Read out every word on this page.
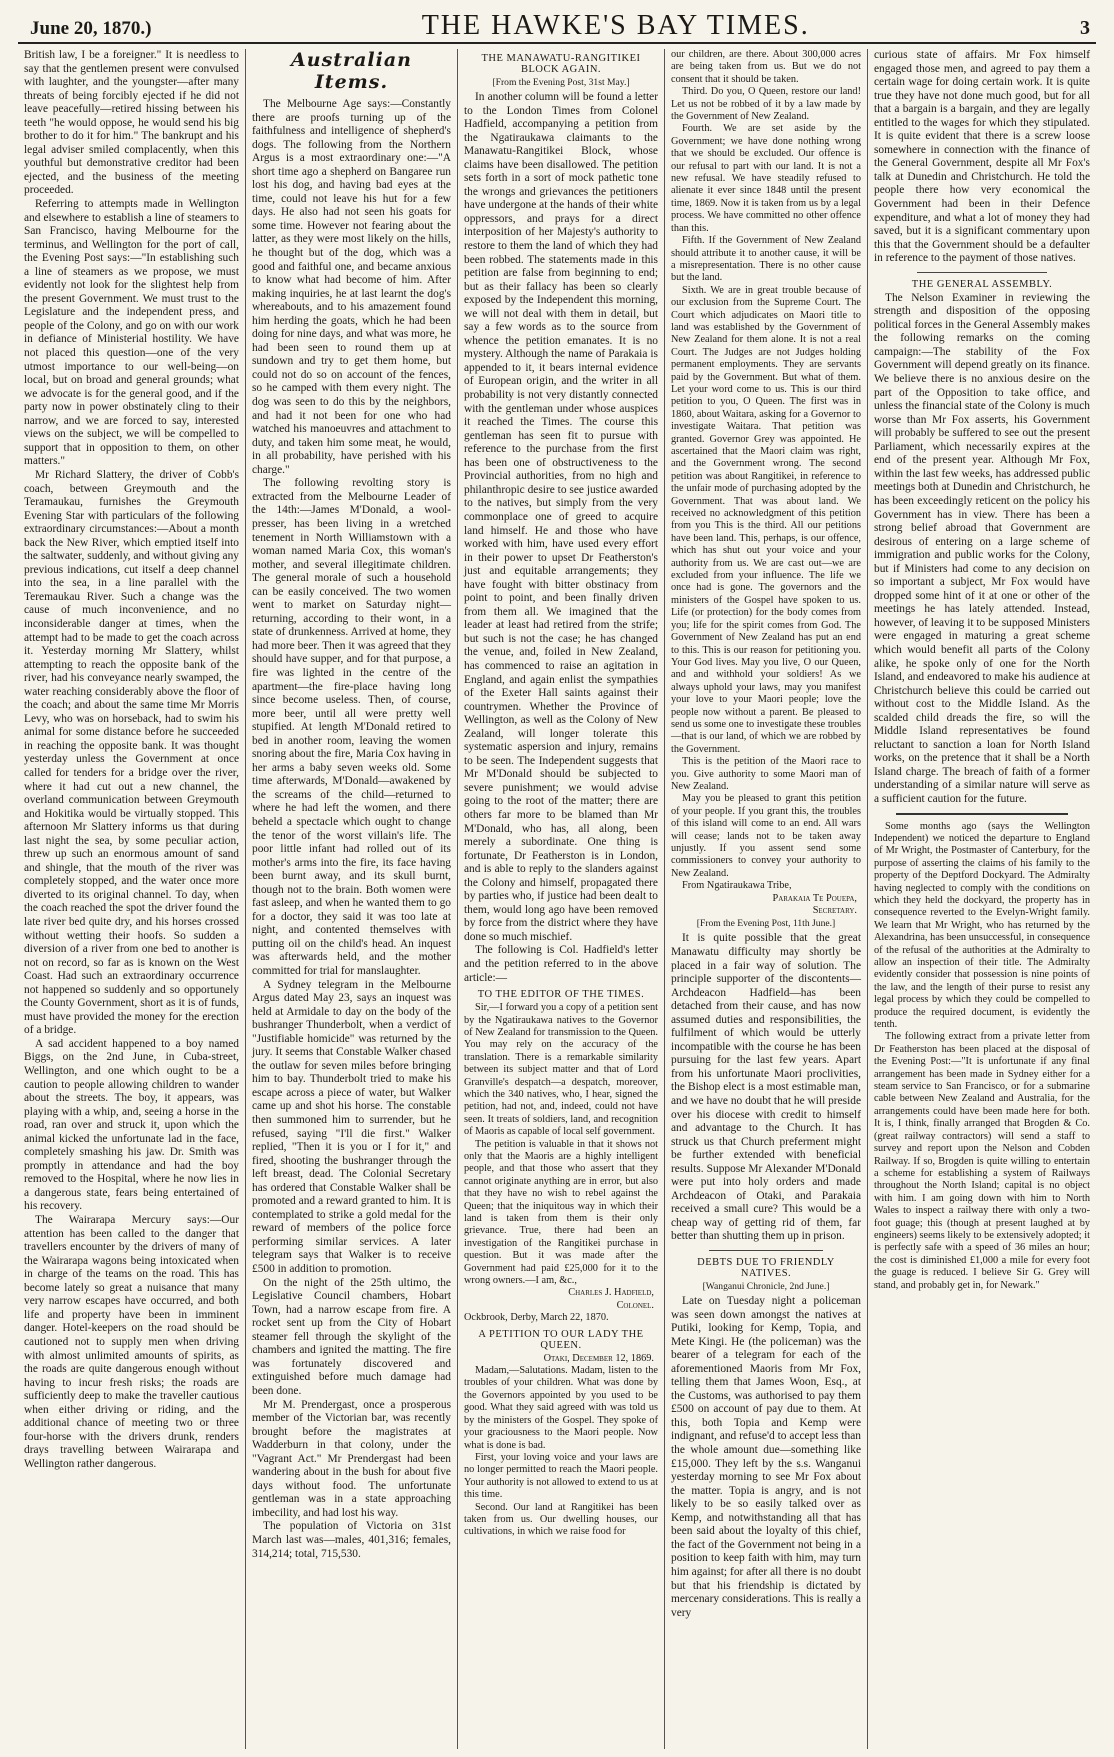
June 20, 1870.)	THE HAWKE'S BAY TIMES.	3

British law, I be a foreigner." It is needless to say that the gentlemen present were convulsed with laughter, and the youngster—after many threats of being forcibly ejected if he did not leave peacefully—retired hissing between his teeth "he would oppose, he would send his big brother to do it for him." The bankrupt and his legal adviser smiled complacently, when this youthful but demonstrative creditor had been ejected, and the business of the meeting proceeded.

Referring to attempts made in Wellington and elsewhere to establish a line of steamers to San Francisco, having Melbourne for the terminus, and Wellington for the port of call, the Evening Post says:—"In establishing such a line of steamers as we propose, we must evidently not look for the slightest help from the present Government. We must trust to the Legislature and the independent press, and people of the Colony, and go on with our work in defiance of Ministerial hostility. We have not placed this question—one of the very utmost importance to our well-being—on local, but on broad and general grounds; what we advocate is for the general good, and if the party now in power obstinately cling to their narrow, and we are forced to say, interested views on the subject, we will be compelled to support that in opposition to them, on other matters."

Mr Richard Slattery, the driver of Cobb's coach, between Greymouth and the Teramaukau, furnishes the Greymouth Evening Star with particulars of the following extraordinary circumstances:—About a month back the New River, which emptied itself into the saltwater, suddenly, and without giving any previous indications, cut itself a deep channel into the sea, in a line parallel with the Teremaukau River. Such a change was the cause of much inconvenience, and no inconsiderable danger at times, when the attempt had to be made to get the coach across it. Yesterday morning Mr Slattery, whilst attempting to reach the opposite bank of the river, had his conveyance nearly swamped, the water reaching considerably above the floor of the coach; and about the same time Mr Morris Levy, who was on horseback, had to swim his animal for some distance before he succeeded in reaching the opposite bank. It was thought yesterday unless the Government at once called for tenders for a bridge over the river, where it had cut out a new channel, the overland communication between Greymouth and Hokitika would be virtually stopped. This afternoon Mr Slattery informs us that during last night the sea, by some peculiar action, threw up such an enormous amount of sand and shingle, that the mouth of the river was completely stopped, and the water once more diverted to its original channel. To day, when the coach reached the spot the driver found the late river bed quite dry, and his horses crossed without wetting their hoofs. So sudden a diversion of a river from one bed to another is not on record, so far as is known on the West Coast. Had such an extraordinary occurrence not happened so suddenly and so opportunely the County Government, short as it is of funds, must have provided the money for the erection of a bridge.

A sad accident happened to a boy named Biggs, on the 2nd June, in Cuba-street, Wellington, and one which ought to be a caution to people allowing children to wander about the streets. The boy, it appears, was playing with a whip, and, seeing a horse in the road, ran over and struck it, upon which the animal kicked the unfortunate lad in the face, completely smashing his jaw. Dr. Smith was promptly in attendance and had the boy removed to the Hospital, where he now lies in a dangerous state, fears being entertained of his recovery.

The Wairarapa Mercury says:—Our attention has been called to the danger that travellers encounter by the drivers of many of the Wairarapa wagons being intoxicated when in charge of the teams on the road. This has become lately so great a nuisance that many very narrow escapes have occurred, and both life and property have been in imminent danger. Hotel-keepers on the road should be cautioned not to supply men when driving with almost unlimited amounts of spirits, as the roads are quite dangerous enough without having to incur fresh risks; the roads are sufficiently deep to make the traveller cautious when either driving or riding, and the additional chance of meeting two or three four-horse with the drivers drunk, renders drays travelling between Wairarapa and Wellington rather dangerous.

Australian Items.

The Melbourne Age says:—Constantly there are proofs turning up of the faithfulness and intelligence of shepherd's dogs. The following from the Northern Argus is a most extraordinary one:—"A short time ago a shepherd on Bangaree run lost his dog, and having bad eyes at the time, could not leave his hut for a few days. He also had not seen his goats for some time. However not fearing about the latter, as they were most likely on the hills, he thought but of the dog, which was a good and faithful one, and became anxious to know what had become of him. After making inquiries, he at last learnt the dog's whereabouts, and to his amazement found him herding the goats, which he had been doing for nine days, and what was more, he had been seen to round them up at sundown and try to get them home, but could not do so on account of the fences, so he camped with them every night. The dog was seen to do this by the neighbors, and had it not been for one who had watched his manoeuvres and attachment to duty, and taken him some meat, he would, in all probability, have perished with his charge."

The following revolting story is extracted from the Melbourne Leader of the 14th:—James M'Donald, a wool-presser, has been living in a wretched tenement in North Williamstown with a woman named Maria Cox, this woman's mother, and several illegitimate children. The general morale of such a household can be easily conceived. The two women went to market on Saturday night—returning, according to their wont, in a state of drunkenness. Arrived at home, they had more beer. Then it was agreed that they should have supper, and for that purpose, a fire was lighted in the centre of the apartment—the fire-place having long since become useless. Then, of course, more beer, until all were pretty well stupified. At length M'Donald retired to bed in another room, leaving the women snoring about the fire, Maria Cox having in her arms a baby seven weeks old. Some time afterwards, M'Donald—awakened by the screams of the child—returned to where he had left the women, and there beheld a spectacle which ought to change the tenor of the worst villain's life. The poor little infant had rolled out of its mother's arms into the fire, its face having been burnt away, and its skull burnt, though not to the brain. Both women were fast asleep, and when he wanted them to go for a doctor, they said it was too late at night, and contented themselves with putting oil on the child's head. An inquest was afterwards held, and the mother committed for trial for manslaughter.

A Sydney telegram in the Melbourne Argus dated May 23, says an inquest was held at Armidale to day on the body of the bushranger Thunderbolt, when a verdict of "Justifiable homicide" was returned by the jury. It seems that Constable Walker chased the outlaw for seven miles before bringing him to bay. Thunderbolt tried to make his escape across a piece of water, but Walker came up and shot his horse. The constable then summoned him to surrender, but he refused, saying "I'll die first." Walker replied, "Then it is you or I for it," and fired, shooting the bushranger through the left breast, dead. The Colonial Secretary has ordered that Constable Walker shall be promoted and a reward granted to him. It is contemplated to strike a gold medal for the reward of members of the police force performing similar services. A later telegram says that Walker is to receive £500 in addition to promotion.

On the night of the 25th ultimo, the Legislative Council chambers, Hobart Town, had a narrow escape from fire. A rocket sent up from the City of Hobart steamer fell through the skylight of the chambers and ignited the matting. The fire was fortunately discovered and extinguished before much damage had been done.

Mr M. Prendergast, once a prosperous member of the Victorian bar, was recently brought before the magistrates at Wadderburn in that colony, under the "Vagrant Act." Mr Prendergast had been wandering about in the bush for about five days without food. The unfortunate gentleman was in a state approaching imbecility, and had lost his way.

The population of Victoria on 31st March last was—males, 401,316; females, 314,214; total, 715,530.

THE MANAWATU-RANGITIKEI BLOCK AGAIN.
[From the Evening Post, 31st May.]

In another column will be found a letter to the London Times from Colonel Hadfield, accompanying a petition from the Ngatiraukawa claimants to the Manawatu-Rangitikei Block, whose claims have been disallowed. The petition sets forth in a sort of mock pathetic tone the wrongs and grievances the petitioners have undergone at the hands of their white oppressors, and prays for a direct interposition of her Majesty's authority to restore to them the land of which they had been robbed. The statements made in this petition are false from beginning to end; but as their fallacy has been so clearly exposed by the Independent this morning, we will not deal with them in detail, but say a few words as to the source from whence the petition emanates. It is no mystery. Although the name of Parakaia is appended to it, it bears internal evidence of European origin, and the writer in all probability is not very distantly connected with the gentleman under whose auspices it reached the Times. The course this gentleman has seen fit to pursue with reference to the purchase from the first has been one of obstructiveness to the Provincial authorities, from no high and philanthropic desire to see justice awarded to the natives, but simply from the very commonplace one of greed to acquire land himself. He and those who have worked with him, have used every effort in their power to upset Dr Featherston's just and equitable arrangements; they have fought with bitter obstinacy from point to point, and been finally driven from them all. We imagined that the leader at least had retired from the strife; but such is not the case; he has changed the venue, and, foiled in New Zealand, has commenced to raise an agitation in England, and again enlist the sympathies of the Exeter Hall saints against their countrymen. Whether the Province of Wellington, as well as the Colony of New Zealand, will longer tolerate this systematic aspersion and injury, remains to be seen. The Independent suggests that Mr M'Donald should be subjected to severe punishment; we would advise going to the root of the matter; there are others far more to be blamed than Mr M'Donald, who has, all along, been merely a subordinate. One thing is fortunate, Dr Featherston is in London, and is able to reply to the slanders against the Colony and himself, propagated there by parties who, if justice had been dealt to them, would long ago have been removed by force from the district where they have done so much mischief.

The following is Col. Hadfield's letter and the petition referred to in the above article:—

TO THE EDITOR OF THE TIMES.

Sir,—I forward you a copy of a petition sent by the Ngatiraukawa natives to the Governor of New Zealand for transmission to the Queen. You may rely on the accuracy of the translation. There is a remarkable similarity between its subject matter and that of Lord Granville's despatch—a despatch, moreover, which the 340 natives, who, I hear, signed the petition, had not, and, indeed, could not have seen. It treats of soldiers, land, and recognition of Maoris as capable of local self government.

The petition is valuable in that it shows not only that the Maoris are a highly intelligent people, and that those who assert that they cannot originate anything are in error, but also that they have no wish to rebel against the Queen; that the iniquitous way in which their land is taken from them is their only grievance. True, there had been an investigation of the Rangitikei purchase in question. But it was made after the Government had paid £25,000 for it to the wrong owners.—I am, &c.,

Charles J. Hadfield,
Colonel.

Ockbrook, Derby, March 22, 1870.

A PETITION TO OUR LADY THE QUEEN.
Otaki, December 12, 1869.

Madam,—Salutations. Madam, listen to the troubles of your children. What was done by the Governors appointed by you used to be good. What they said agreed with was told us by the ministers of the Gospel. They spoke of your graciousness to the Maori people. Now what is done is bad.

First, your loving voice and your laws are no longer permitted to reach the Maori people. Your authority is not allowed to extend to us at this time.

Second. Our land at Rangitikei has been taken from us. Our dwelling houses, our cultivations, in which we raise food for

our children, are there. About 300,000 acres are being taken from us. But we do not consent that it should be taken.

Third. Do you, O Queen, restore our land! Let us not be robbed of it by a law made by the Government of New Zealand.

Fourth. We are set aside by the Government; we have done nothing wrong that we should be excluded. Our offence is our refusal to part with our land. It is not a new refusal. We have steadily refused to alienate it ever since 1848 until the present time, 1869. Now it is taken from us by a legal process. We have committed no other offence than this.

Fifth. If the Government of New Zealand should attribute it to another cause, it will be a misrepresentation. There is no other cause but the land.

Sixth. We are in great trouble because of our exclusion from the Supreme Court. The Court which adjudicates on Maori title to land was established by the Government of New Zealand for them alone. It is not a real Court. The Judges are not Judges holding permanent employments. They are servants paid by the Government. But what of them. Let your word come to us. This is our third petition to you, O Queen. The first was in 1860, about Waitara, asking for a Governor to investigate Waitara. That petition was granted. Governor Grey was appointed. He ascertained that the Maori claim was right, and the Government wrong. The second petition was about Rangitikei, in reference to the unfair mode of purchasing adopted by the Government. That was about land. We received no acknowledgment of this petition from you This is the third. All our petitions have been land. This, perhaps, is our offence, which has shut out your voice and your authority from us. We are cast out—we are excluded from your influence. The life we once had is gone. The governors and the ministers of the Gospel have spoken to us. Life (or protection) for the body comes from you; life for the spirit comes from God. The Government of New Zealand has put an end to this. This is our reason for petitioning you. Your God lives. May you live, O our Queen, and and withhold your soldiers! As we always uphold your laws, may you manifest your love to your Maori people; love the people now without a parent. Be pleased to send us some one to investigate these troubles—that is our land, of which we are robbed by the Government.

This is the petition of the Maori race to you. Give authority to some Maori man of New Zealand.

May you be pleased to grant this petition of your people. If you grant this, the troubles of this island will come to an end. All wars will cease; lands not to be taken away unjustly. If you assent send some commissioners to convey your authority to New Zealand.

From Ngatiraukawa Tribe,

Parakaia Te Pouepa,
Secretary.
[From the Evening Post, 11th June.]

It is quite possible that the great Manawatu difficulty may shortly be placed in a fair way of solution. The principle supporter of the discontents—Archdeacon Hadfield—has been detached from their cause, and has now assumed duties and responsibilities, the fulfilment of which would be utterly incompatible with the course he has been pursuing for the last few years. Apart from his unfortunate Maori proclivities, the Bishop elect is a most estimable man, and we have no doubt that he will preside over his diocese with credit to himself and advantage to the Church. It has struck us that Church preferment might be further extended with beneficial results. Suppose Mr Alexander M'Donald were put into holy orders and made Archdeacon of Otaki, and Parakaia received a small cure? This would be a cheap way of getting rid of them, far better than shutting them up in prison.

DEBTS DUE TO FRIENDLY NATIVES.
[Wanganui Chronicle, 2nd June.]

Late on Tuesday night a policeman was seen down amongst the natives at Putiki, looking for Kemp, Topia, and Mete Kingi. He (the policeman) was the bearer of a telegram for each of the aforementioned Maoris from Mr Fox, telling them that James Woon, Esq., at the Customs, was authorised to pay them £500 on account of pay due to them. At this, both Topia and Kemp were indignant, and refuse'd to accept less than the whole amount due—something like £15,000. They left by the s.s. Wanganui yesterday morning to see Mr Fox about the matter. Topia is angry, and is not likely to be so easily talked over as Kemp, and notwithstanding all that has been said about the loyalty of this chief, the fact of the Government not being in a position to keep faith with him, may turn him against; for after all there is no doubt but that his friendship is dictated by mercenary considerations. This is really a very

curious state of affairs. Mr Fox himself engaged those men, and agreed to pay them a certain wage for doing certain work. It is quite true they have not done much good, but for all that a bargain is a bargain, and they are legally entitled to the wages for which they stipulated. It is quite evident that there is a screw loose somewhere in connection with the finance of the General Government, despite all Mr Fox's talk at Dunedin and Christchurch. He told the people there how very economical the Government had been in their Defence expenditure, and what a lot of money they had saved, but it is a significant commentary upon this that the Government should be a defaulter in reference to the payment of those natives.

THE GENERAL ASSEMBLY.

The Nelson Examiner in reviewing the strength and disposition of the opposing political forces in the General Assembly makes the following remarks on the coming campaign:—The stability of the Fox Government will depend greatly on its finance. We believe there is no anxious desire on the part of the Opposition to take office, and unless the financial state of the Colony is much worse than Mr Fox asserts, his Government will probably be suffered to see out the present Parliament, which necessarily expires at the end of the present year. Although Mr Fox, within the last few weeks, has addressed public meetings both at Dunedin and Christchurch, he has been exceedingly reticent on the policy his Government has in view. There has been a strong belief abroad that Government are desirous of entering on a large scheme of immigration and public works for the Colony, but if Ministers had come to any decision on so important a subject, Mr Fox would have dropped some hint of it at one or other of the meetings he has lately attended. Instead, however, of leaving it to be supposed Ministers were engaged in maturing a great scheme which would benefit all parts of the Colony alike, he spoke only of one for the North Island, and endeavored to make his audience at Christchurch believe this could be carried out without cost to the Middle Island. As the scalded child dreads the fire, so will the Middle Island representatives be found reluctant to sanction a loan for North Island works, on the pretence that it shall be a North Island charge. The breach of faith of a former understanding of a similar nature will serve as a sufficient caution for the future.

Some months ago (says the Wellington Independent) we noticed the departure to England of Mr Wright, the Postmaster of Canterbury, for the purpose of asserting the claims of his family to the property of the Deptford Dockyard. The Admiralty having neglected to comply with the conditions on which they held the dockyard, the property has in consequence reverted to the Evelyn-Wright family. We learn that Mr Wright, who has returned by the Alexandrina, has been unsuccessful, in consequence of the refusal of the authorities at the Admiralty to allow an inspection of their title. The Admiralty evidently consider that possession is nine points of the law, and the length of their purse to resist any legal process by which they could be compelled to produce the required document, is evidently the tenth.

The following extract from a private letter from Dr Featherston has been placed at the disposal of the Evening Post:—"It is unfortunate if any final arrangement has been made in Sydney either for a steam service to San Francisco, or for a submarine cable between New Zealand and Australia, for the arrangements could have been made here for both. It is, I think, finally arranged that Brogden & Co. (great railway contractors) will send a staff to survey and report upon the Nelson and Cobden Railway. If so, Brogden is quite willing to entertain a scheme for establishing a system of Railways throughout the North Island; capital is no object with him. I am going down with him to North Wales to inspect a railway there with only a two-foot guage; this (though at present laughed at by engineers) seems likely to be extensively adopted; it is perfectly safe with a speed of 36 miles an hour; the cost is diminished £1,000 a mile for every foot the guage is reduced. I believe Sir G. Grey will stand, and probably get in, for Newark."
